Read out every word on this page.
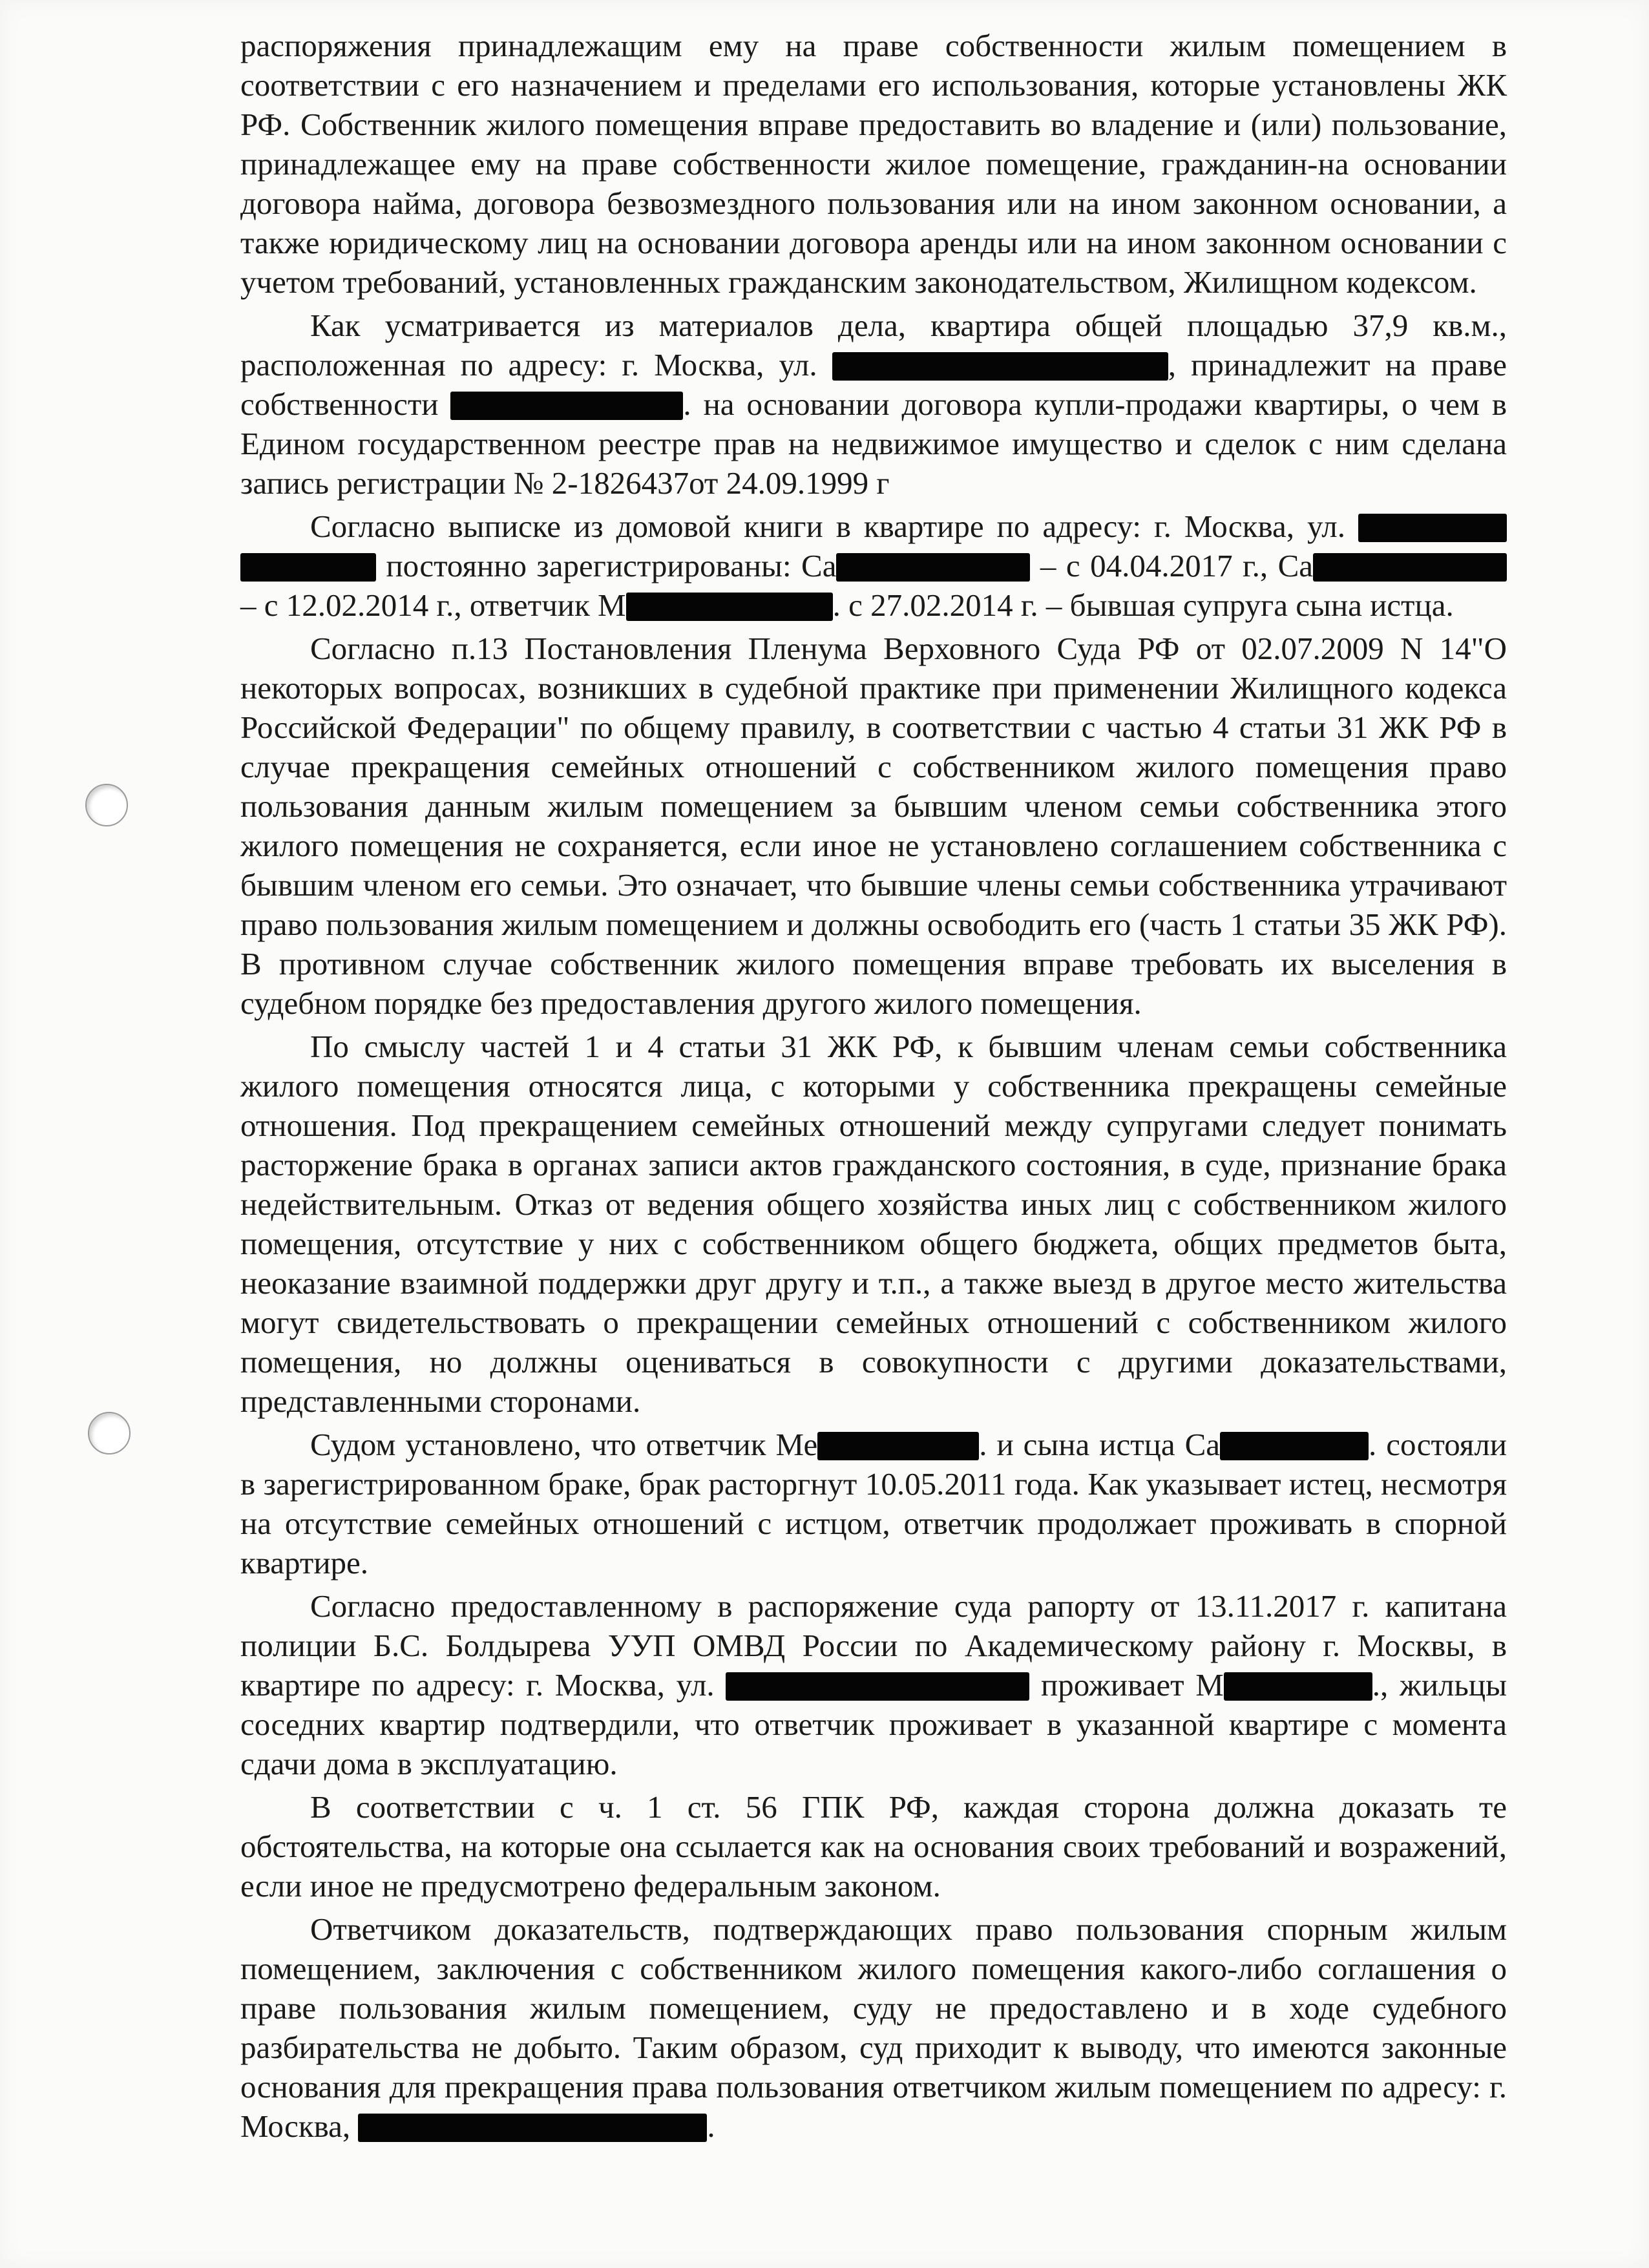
распоряжения принадлежащим ему на праве собственности жилым помещением в соответствии с его назначением и пределами его использования, которые установлены ЖК РФ. Собственник жилого помещения вправе предоставить во владение и (или) пользование, принадлежащее ему на праве собственности жилое помещение, гражданин-на основании договора найма, договора безвозмездного пользования или на ином законном основании, а также юридическому лиц на основании договора аренды или на ином законном основании с учетом требований, установленных гражданским законодательством, Жилищном кодексом.

Как усматривается из материалов дела, квартира общей площадью 37,9 кв.м., расположенная по адресу: г. Москва, ул.	, принадлежит на праве собственности	. на основании договора купли-продажи квартиры, о чем в Едином государственном реестре прав на недвижимое имущество и сделок с ним сделана запись регистрации № 2-1826437от 24.09.1999 г

Согласно выписке из домовой книги в квартире по адресу: г. Москва, ул.   постоянно зарегистрированы: Са	– с 04.04.2017 г., Са – с 12.02.2014 г., ответчик М	. с 27.02.2014 г. – бывшая супруга сына истца.

Согласно п.13 Постановления Пленума Верховного Суда РФ от 02.07.2009 N 14"О некоторых вопросах, возникших в судебной практике при применении Жилищного кодекса Российской Федерации" по общему правилу, в соответствии с частью 4 статьи 31 ЖК РФ в случае прекращения семейных отношений с собственником жилого помещения право пользования данным жилым помещением за бывшим членом семьи собственника этого жилого помещения не сохраняется, если иное не установлено соглашением собственника с бывшим членом его семьи. Это означает, что бывшие члены семьи собственника утрачивают право пользования жилым помещением и должны освободить его (часть 1 статьи 35 ЖК РФ). В противном случае собственник жилого помещения вправе требовать их выселения в судебном порядке без предоставления другого жилого помещения.

По смыслу частей 1 и 4 статьи 31 ЖК РФ, к бывшим членам семьи собственника жилого помещения относятся лица, с которыми у собственника прекращены семейные отношения. Под прекращением семейных отношений между супругами следует понимать расторжение брака в органах записи актов гражданского состояния, в суде, признание брака недействительным. Отказ от ведения общего хозяйства иных лиц с собственником жилого помещения, отсутствие у них с собственником общего бюджета, общих предметов быта, неоказание взаимной поддержки друг другу и т.п., а также выезд в другое место жительства могут свидетельствовать о прекращении семейных отношений с собственником жилого помещения, но должны оцениваться в совокупности с другими доказательствами, представленными сторонами.

Судом установлено, что ответчик Ме	. и сына истца Са	. состояли в зарегистрированном браке, брак расторгнут 10.05.2011 года. Как указывает истец, несмотря на отсутствие семейных отношений с истцом, ответчик продолжает проживать в спорной квартире.

Согласно предоставленному в распоряжение суда рапорту от 13.11.2017 г. капитана полиции Б.С. Болдырева УУП ОМВД России по Академическому району г. Москвы, в квартире по адресу: г. Москва, ул.	проживает М	., жильцы соседних квартир подтвердили, что ответчик проживает в указанной квартире с момента сдачи дома в эксплуатацию.

В соответствии с ч. 1 ст. 56 ГПК РФ, каждая сторона должна доказать те обстоятельства, на которые она ссылается как на основания своих требований и возражений, если иное не предусмотрено федеральным законом.

Ответчиком доказательств, подтверждающих право пользования спорным жилым помещением, заключения с собственником жилого помещения какого-либо соглашения о праве пользования жилым помещением, суду не предоставлено и в ходе судебного разбирательства не добыто. Таким образом, суд приходит к выводу, что имеются законные основания для прекращения права пользования ответчиком жилым помещением по адресу: г. Москва,	.
